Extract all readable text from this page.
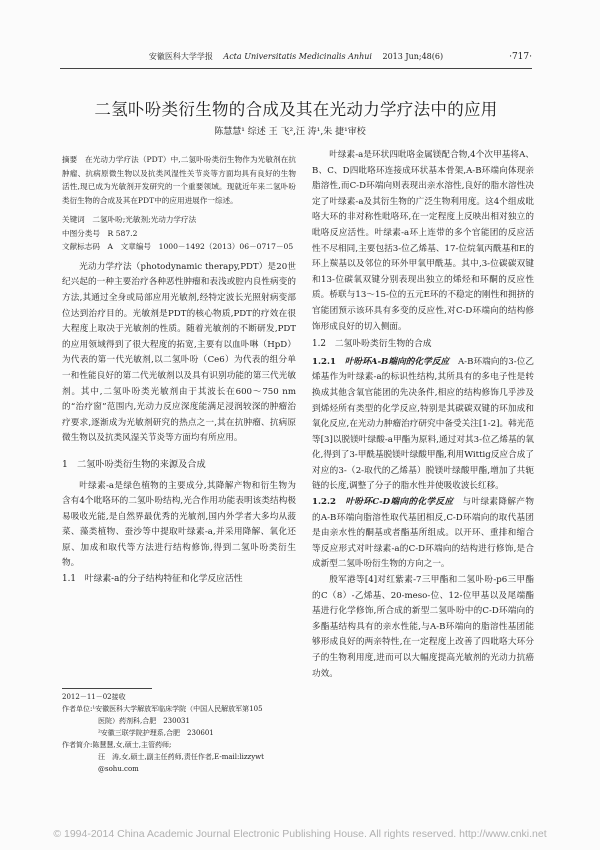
安徽医科大学学报　 Acta Universitatis Medicinalis Anhui　 2013 Jun;48(6)	·717·
二氢卟吩类衍生物的合成及其在光动力学疗法中的应用
陈慧慧¹ 综述 王 飞²,汪 涛¹,朱 捷¹审校

摘要　在光动力学疗法（PDT）中,二氢卟吩类衍生物作为光敏剂在抗肿瘤、抗病原微生物以及抗类风湿性关节炎等方面均具有良好的生物活性,现已成为光敏剂开发研究的一个重要领域。现就近年来二氢卟吩类衍生物的合成及其在PDT中的应用进展作一综述。

关键词　二氢卟吩;光敏剂;光动力学疗法
中图分类号　R 587.2
文献标志码　A　文章编号　1000－1492（2013）06－0717－05

光动力学疗法（photodynamic therapy,PDT）是20世纪兴起的一种主要治疗各种恶性肿瘤和表浅或腔内良性病变的方法,其通过全身或局部应用光敏剂,经特定波长光照射病变部位达到治疗目的。光敏剂是PDT的核心物质,PDT的疗效在很大程度上取决于光敏剂的性质。随着光敏剂的不断研发,PDT的应用领域得到了很大程度的拓宽,主要有以血卟啉（HpD）为代表的第一代光敏剂,以二氢卟吩（Ce6）为代表的组分单一和性能良好的第二代光敏剂以及具有识别功能的第三代光敏剂。其中,二氢卟吩类光敏剂由于其波长在600～750 nm的“治疗窗”范围内,光动力反应深度能满足浸润较深的肿瘤治疗要求,逐渐成为光敏剂研究的热点之一,其在抗肿瘤、抗病原微生物以及抗类风湿关节炎等方面均有所应用。

1　二氢卟吩类衍生物的来源及合成

叶绿素-a是绿色植物的主要成分,其降解产物和衍生物为含有4个吡咯环的二氢卟吩结构,光合作用功能表明该类结构极易吸收光能,是自然界最优秀的光敏剂,国内外学者大多均从菠菜、藻类植物、蚕沙等中提取叶绿素-a,并采用降解、氧化还原、加成和取代等方法进行结构修饰,得到二氢卟吩类衍生物。

1.1　叶绿素-a的分子结构特征和化学反应活性
2012－11－02接收
作者单位:¹安徽医科大学解放军临床学院（中国人民解放军第105
医院）药剂科,合肥　230031
²安徽三联学院护理系,合肥　230601
作者简介:陈慧慧,女,硕士,主管药师;
汪　涛,女,硕士,副主任药师,责任作者,E-mail:lizzywt
@sohu.com

叶绿素-a是环状四吡咯金属镁配合物,4个次甲基将A、B、C、D四吡咯环连接成环状基本骨架,A-B环端向体现亲脂溶性,而C-D环端向则表现出亲水溶性,良好的脂水溶性决定了叶绿素-a及其衍生物的广泛生物利用度。这4个组成吡咯大环的非对称性吡咯环,在一定程度上反映出相对独立的吡咯反应活性。叶绿素-a环上连带的多个官能团的反应活性不尽相同,主要包括3-位乙烯基、17-位烷氧丙酰基和E的环上羰基以及邻位的环外甲氧甲酰基。其中,3-位碳碳双键和13-位碳氧双键分别表现出独立的烯烃和环酮的反应性质。桥联与13～15-位的五元E环的不稳定的刚性和拥挤的官能团预示该环具有多变的反应性,对C-D环端向的结构修饰形成良好的切入侧面。

1.2　二氢卟吩类衍生物的合成

1.2.1　叶吩环A-B端向的化学反应　 A-B环端向的3-位乙烯基作为叶绿素-a的标识性结构,其所具有的多电子性是转换成其他含氧官能团的先决条件,相应的结构修饰几乎涉及到烯烃所有类型的化学反应,特别是其碳碳双键的环加成和氧化反应,在光动力肿瘤治疗研究中备受关注[1-2]。韩光范等[3]以脱镁叶绿酸-a甲酯为原料,通过对其3-位乙烯基的氧化,得到了3-甲酰基脱镁叶绿酸甲酯,利用Wittig反应合成了对应的3-（2-取代的乙烯基）脱镁叶绿酸甲酯,增加了共轭链的长度,调整了分子的脂水性并使吸收波长红移。

1.2.2　叶吩环C-D端向的化学反应　 与叶绿素降解产物的A-B环端向脂溶性取代基团相反,C-D环端向的取代基团是由亲水性的酮基或者酯基所组成。以开环、重排和缩合等反应形式对叶绿素-a的C-D环端向的结构进行修饰,是合成新型二氢卟吩衍生物的方向之一。

殷军港等[4]对红紫素-7三甲酯和二氢卟吩-p6三甲酯的C（8）-乙烯基、20-meso-位、12-位甲基以及尾端酯基进行化学修饰,所合成的新型二氢卟吩中的C-D环端向的多酯基结构具有的亲水性能,与A-B环端向的脂溶性基团能够形成良好的两亲特性,在一定程度上改善了四吡咯大环分子的生物利用度,进而可以大幅度提高光敏剂的光动力抗癌功效。

© 1994-2014 China Academic Journal Electronic Publishing House. All rights reserved. http://www.cnki.net
